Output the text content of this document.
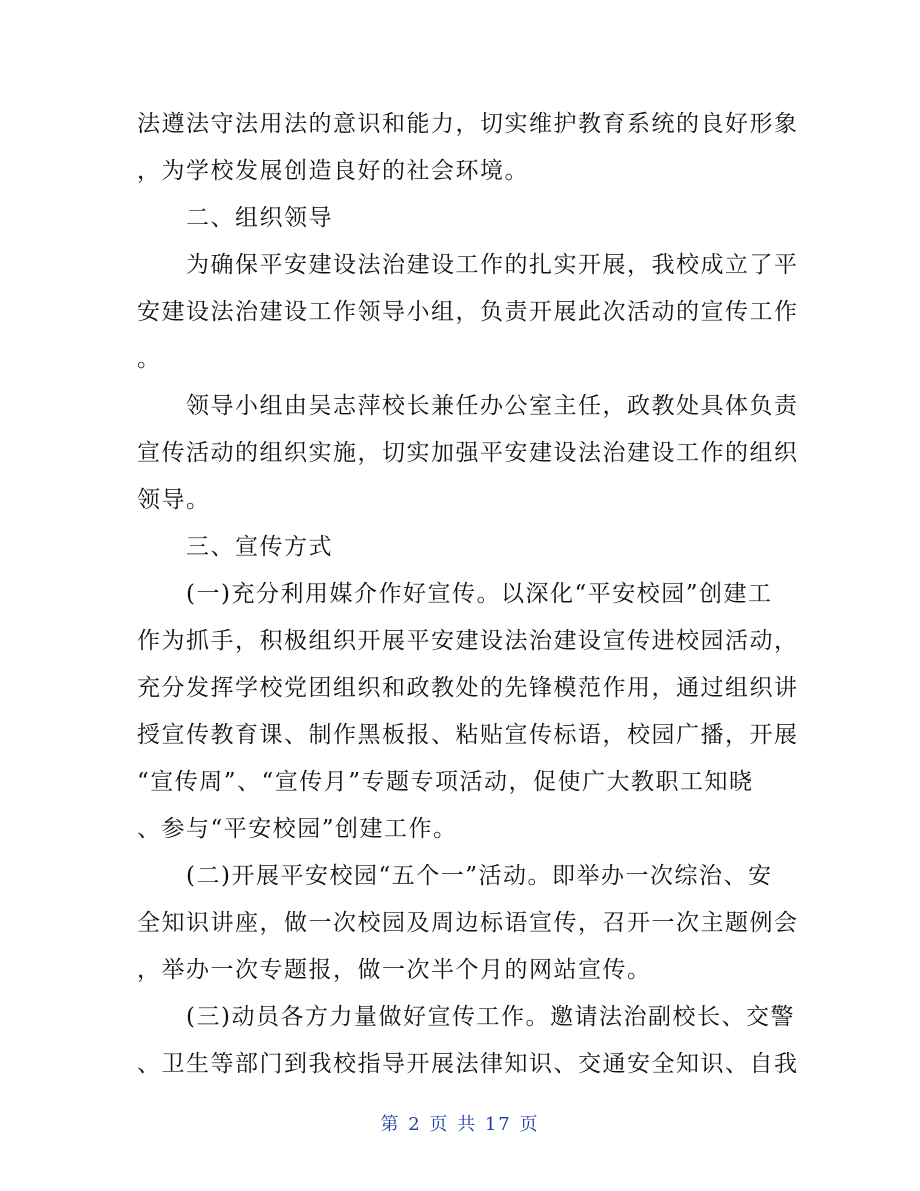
法遵法守法用法的意识和能力，切实维护教育系统的良好形象
，为学校发展创造良好的社会环境。
　　二、组织领导
　　为确保平安建设法治建设工作的扎实开展，我校成立了平
安建设法治建设工作领导小组，负责开展此次活动的宣传工作
。
　　领导小组由吴志萍校长兼任办公室主任，政教处具体负责
宣传活动的组织实施，切实加强平安建设法治建设工作的组织
领导。
　　三、宣传方式
　　(一)充分利用媒介作好宣传。以深化“平安校园”创建工
作为抓手，积极组织开展平安建设法治建设宣传进校园活动，
充分发挥学校党团组织和政教处的先锋模范作用，通过组织讲
授宣传教育课、制作黑板报、粘贴宣传标语，校园广播，开展
“宣传周”、“宣传月”专题专项活动，促使广大教职工知晓
、参与“平安校园”创建工作。
　　(二)开展平安校园“五个一”活动。即举办一次综治、安
全知识讲座，做一次校园及周边标语宣传，召开一次主题例会
，举办一次专题报，做一次半个月的网站宣传。
　　(三)动员各方力量做好宣传工作。邀请法治副校长、交警
、卫生等部门到我校指导开展法律知识、交通安全知识、自我
第 2 页 共 17 页
